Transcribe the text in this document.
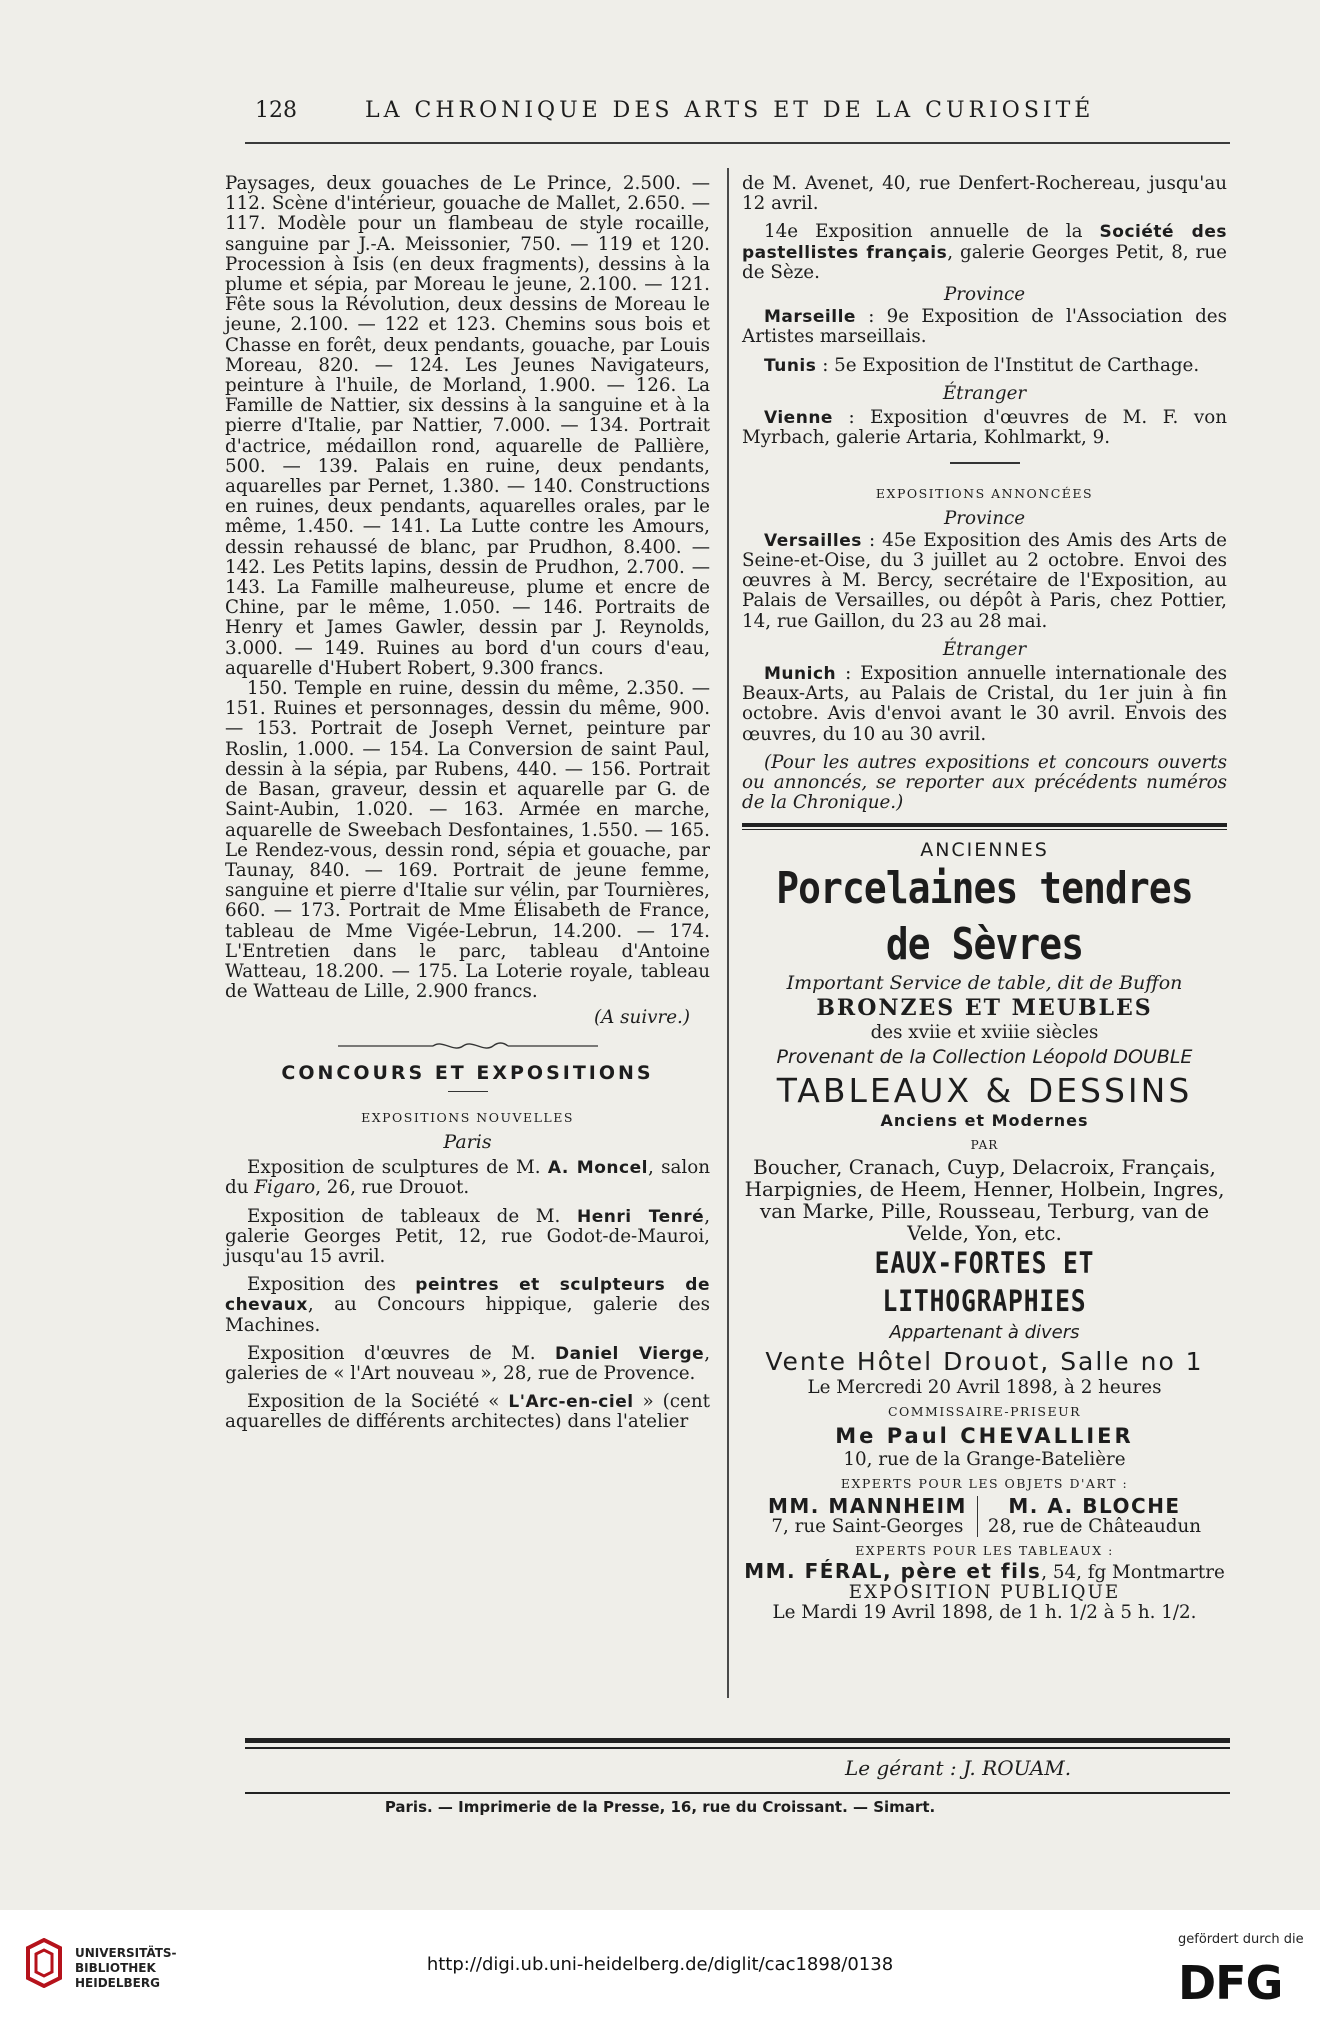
128	LA CHRONIQUE DES ARTS ET DE LA CURIOSITÉ

Paysages, deux gouaches de Le Prince, 2.500. — 112. Scène d'intérieur, gouache de Mallet, 2.650. — 117. Modèle pour un flambeau de style rocaille, sanguine par J.-A. Meissonier, 750. — 119 et 120. Procession à Isis (en deux fragments), dessins à la plume et sépia, par Moreau le jeune, 2.100. — 121. Fête sous la Révolution, deux dessins de Moreau le jeune, 2.100. — 122 et 123. Chemins sous bois et Chasse en forêt, deux pendants, gouache, par Louis Moreau, 820. — 124. Les Jeunes Navigateurs, peinture à l'huile, de Morland, 1.900. — 126. La Famille de Nattier, six dessins à la sanguine et à la pierre d'Italie, par Nattier, 7.000. — 134. Portrait d'actrice, médaillon rond, aquarelle de Pallière, 500. — 139. Palais en ruine, deux pendants, aquarelles par Pernet, 1.380. — 140. Constructions en ruines, deux pendants, aquarelles orales, par le même, 1.450. — 141. La Lutte contre les Amours, dessin rehaussé de blanc, par Prudhon, 8.400. — 142. Les Petits lapins, dessin de Prudhon, 2.700. — 143. La Famille malheureuse, plume et encre de Chine, par le même, 1.050. — 146. Portraits de Henry et James Gawler, dessin par J. Reynolds, 3.000. — 149. Ruines au bord d'un cours d'eau, aquarelle d'Hubert Robert, 9.300 francs.

150. Temple en ruine, dessin du même, 2.350. — 151. Ruines et personnages, dessin du même, 900. — 153. Portrait de Joseph Vernet, peinture par Roslin, 1.000. — 154. La Conversion de saint Paul, dessin à la sépia, par Rubens, 440. — 156. Portrait de Basan, graveur, dessin et aquarelle par G. de Saint-Aubin, 1.020. — 163. Armée en marche, aquarelle de Sweebach Desfontaines, 1.550. — 165. Le Rendez-vous, dessin rond, sépia et gouache, par Taunay, 840. — 169. Portrait de jeune femme, sanguine et pierre d'Italie sur vélin, par Tournières, 660. — 173. Portrait de Mme Élisabeth de France, tableau de Mme Vigée-Lebrun, 14.200. — 174. L'Entretien dans le parc, tableau d'Antoine Watteau, 18.200. — 175. La Loterie royale, tableau de Watteau de Lille, 2.900 francs.

(A suivre.)
CONCOURS ET EXPOSITIONS
EXPOSITIONS NOUVELLES
Paris

Exposition de sculptures de M. A. Moncel, salon du Figaro, 26, rue Drouot.

Exposition de tableaux de M. Henri Tenré, galerie Georges Petit, 12, rue Godot-de-Mauroi, jusqu'au 15 avril.

Exposition des peintres et sculpteurs de chevaux, au Concours hippique, galerie des Machines.

Exposition d'œuvres de M. Daniel Vierge, galeries de « l'Art nouveau », 28, rue de Provence.

Exposition de la Société « L'Arc-en-ciel » (cent aquarelles de différents architectes) dans l'atelier

de M. Avenet, 40, rue Denfert-Rochereau, jusqu'au 12 avril.

14e Exposition annuelle de la Société des pastellistes français, galerie Georges Petit, 8, rue de Sèze.

Province

Marseille : 9e Exposition de l'Association des Artistes marseillais.

Tunis : 5e Exposition de l'Institut de Carthage.

Étranger

Vienne : Exposition d'œuvres de M. F. von Myrbach, galerie Artaria, Kohlmarkt, 9.

EXPOSITIONS ANNONCÉES
Province

Versailles : 45e Exposition des Amis des Arts de Seine-et-Oise, du 3 juillet au 2 octobre. Envoi des œuvres à M. Bercy, secrétaire de l'Exposition, au Palais de Versailles, ou dépôt à Paris, chez Pottier, 14, rue Gaillon, du 23 au 28 mai.

Étranger

Munich : Exposition annuelle internationale des Beaux-Arts, au Palais de Cristal, du 1er juin à fin octobre. Avis d'envoi avant le 30 avril. Envois des œuvres, du 10 au 30 avril.

(Pour les autres expositions et concours ouverts ou annoncés, se reporter aux précédents numéros de la Chronique.)

ANCIENNES
Porcelaines tendres de Sèvres
Important Service de table, dit de Buffon
BRONZES ET MEUBLES
des xviie et xviiie siècles
Provenant de la Collection Léopold DOUBLE
TABLEAUX & DESSINS
Anciens et Modernes
PAR
Boucher, Cranach, Cuyp, Delacroix, Français, Harpignies, de Heem, Henner, Holbein, Ingres, van Marke, Pille, Rousseau, Terburg, van de Velde, Yon, etc.
EAUX-FORTES ET LITHOGRAPHIES
Appartenant à divers
Vente Hôtel Drouot, Salle no 1
Le Mercredi 20 Avril 1898, à 2 heures
COMMISSAIRE-PRISEUR
Me Paul CHEVALLIER
10, rue de la Grange-Batelière
EXPERTS POUR LES OBJETS D'ART :
MM. MANNHEIM
7, rue Saint-Georges
M. A. BLOCHE
28, rue de Châteaudun
EXPERTS POUR LES TABLEAUX :
MM. FÉRAL, père et fils, 54, fg Montmartre
EXPOSITION PUBLIQUE
Le Mardi 19 Avril 1898, de 1 h. 1/2 à 5 h. 1/2.
Le gérant : J. ROUAM.
Paris. — Imprimerie de la Presse, 16, rue du Croissant. — Simart.
UNIVERSITÄTS-
BIBLIOTHEK
HEIDELBERG
http://digi.ub.uni-heidelberg.de/diglit/cac1898/0138
gefördert durch die
DFG
